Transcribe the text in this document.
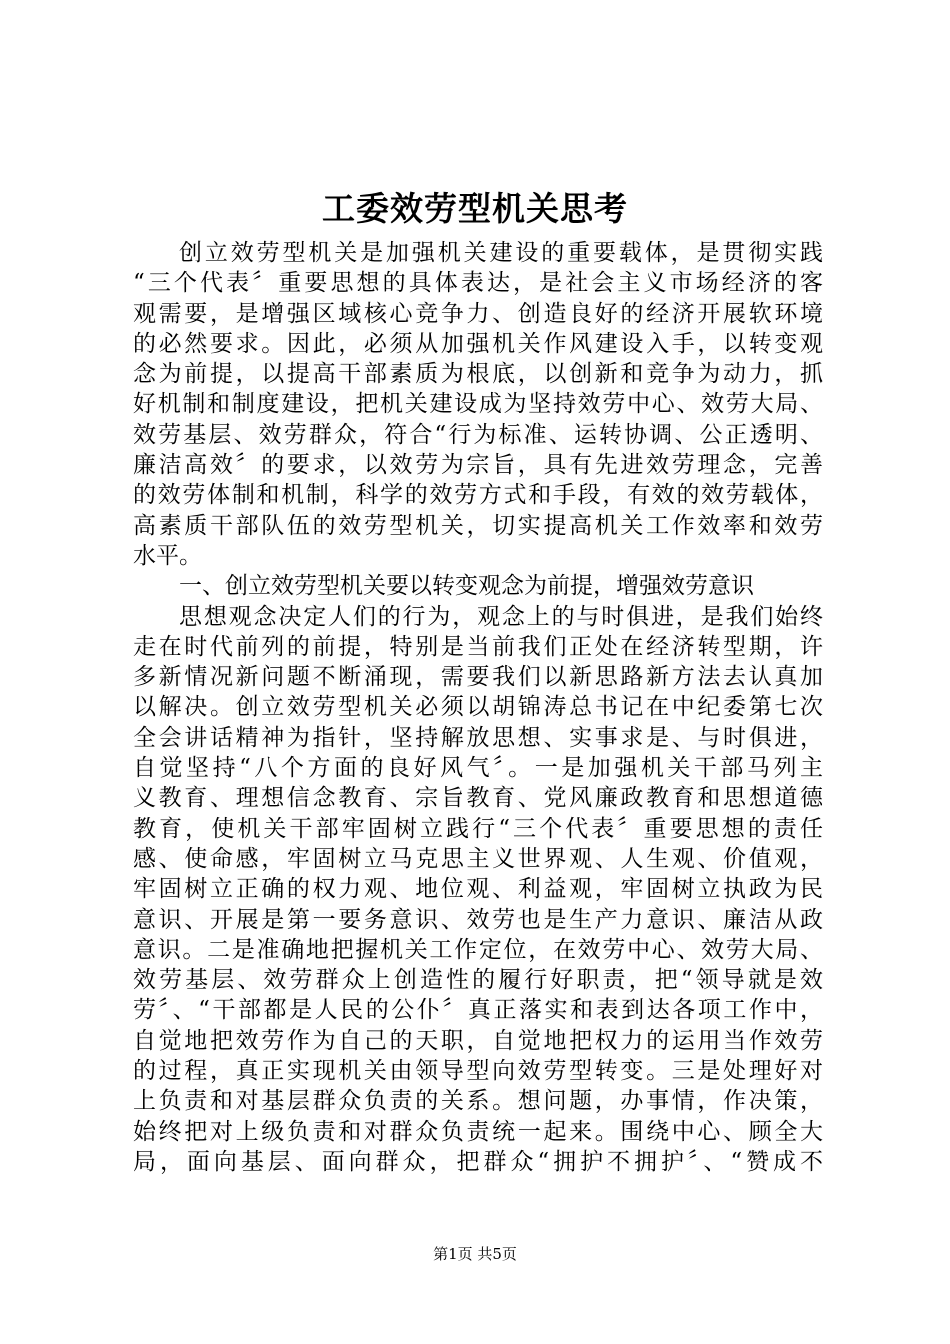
工委效劳型机关思考
创立效劳型机关是加强机关建设的重要载体，是贯彻实践
“三个代表〞重要思想的具体表达，是社会主义市场经济的客
观需要，是增强区域核心竞争力、创造良好的经济开展软环境
的必然要求。因此，必须从加强机关作风建设入手，以转变观
念为前提，以提高干部素质为根底，以创新和竞争为动力，抓
好机制和制度建设，把机关建设成为坚持效劳中心、效劳大局、
效劳基层、效劳群众，符合“行为标准、运转协调、公正透明、
廉洁高效〞的要求，以效劳为宗旨，具有先进效劳理念，完善
的效劳体制和机制，科学的效劳方式和手段，有效的效劳载体，
高素质干部队伍的效劳型机关，切实提高机关工作效率和效劳
水平。
一、创立效劳型机关要以转变观念为前提，增强效劳意识
思想观念决定人们的行为，观念上的与时俱进，是我们始终
走在时代前列的前提，特别是当前我们正处在经济转型期，许
多新情况新问题不断涌现，需要我们以新思路新方法去认真加
以解决。创立效劳型机关必须以胡锦涛总书记在中纪委第七次
全会讲话精神为指针，坚持解放思想、实事求是、与时俱进，
自觉坚持“八个方面的良好风气〞。一是加强机关干部马列主
义教育、理想信念教育、宗旨教育、党风廉政教育和思想道德
教育，使机关干部牢固树立践行“三个代表〞重要思想的责任
感、使命感，牢固树立马克思主义世界观、人生观、价值观，
牢固树立正确的权力观、地位观、利益观，牢固树立执政为民
意识、开展是第一要务意识、效劳也是生产力意识、廉洁从政
意识。二是准确地把握机关工作定位，在效劳中心、效劳大局、
效劳基层、效劳群众上创造性的履行好职责，把“领导就是效
劳〞、“干部都是人民的公仆〞真正落实和表到达各项工作中，
自觉地把效劳作为自己的天职，自觉地把权力的运用当作效劳
的过程，真正实现机关由领导型向效劳型转变。三是处理好对
上负责和对基层群众负责的关系。想问题，办事情，作决策，
始终把对上级负责和对群众负责统一起来。围绕中心、顾全大
局，面向基层、面向群众，把群众“拥护不拥护〞、“赞成不
第1页 共5页
